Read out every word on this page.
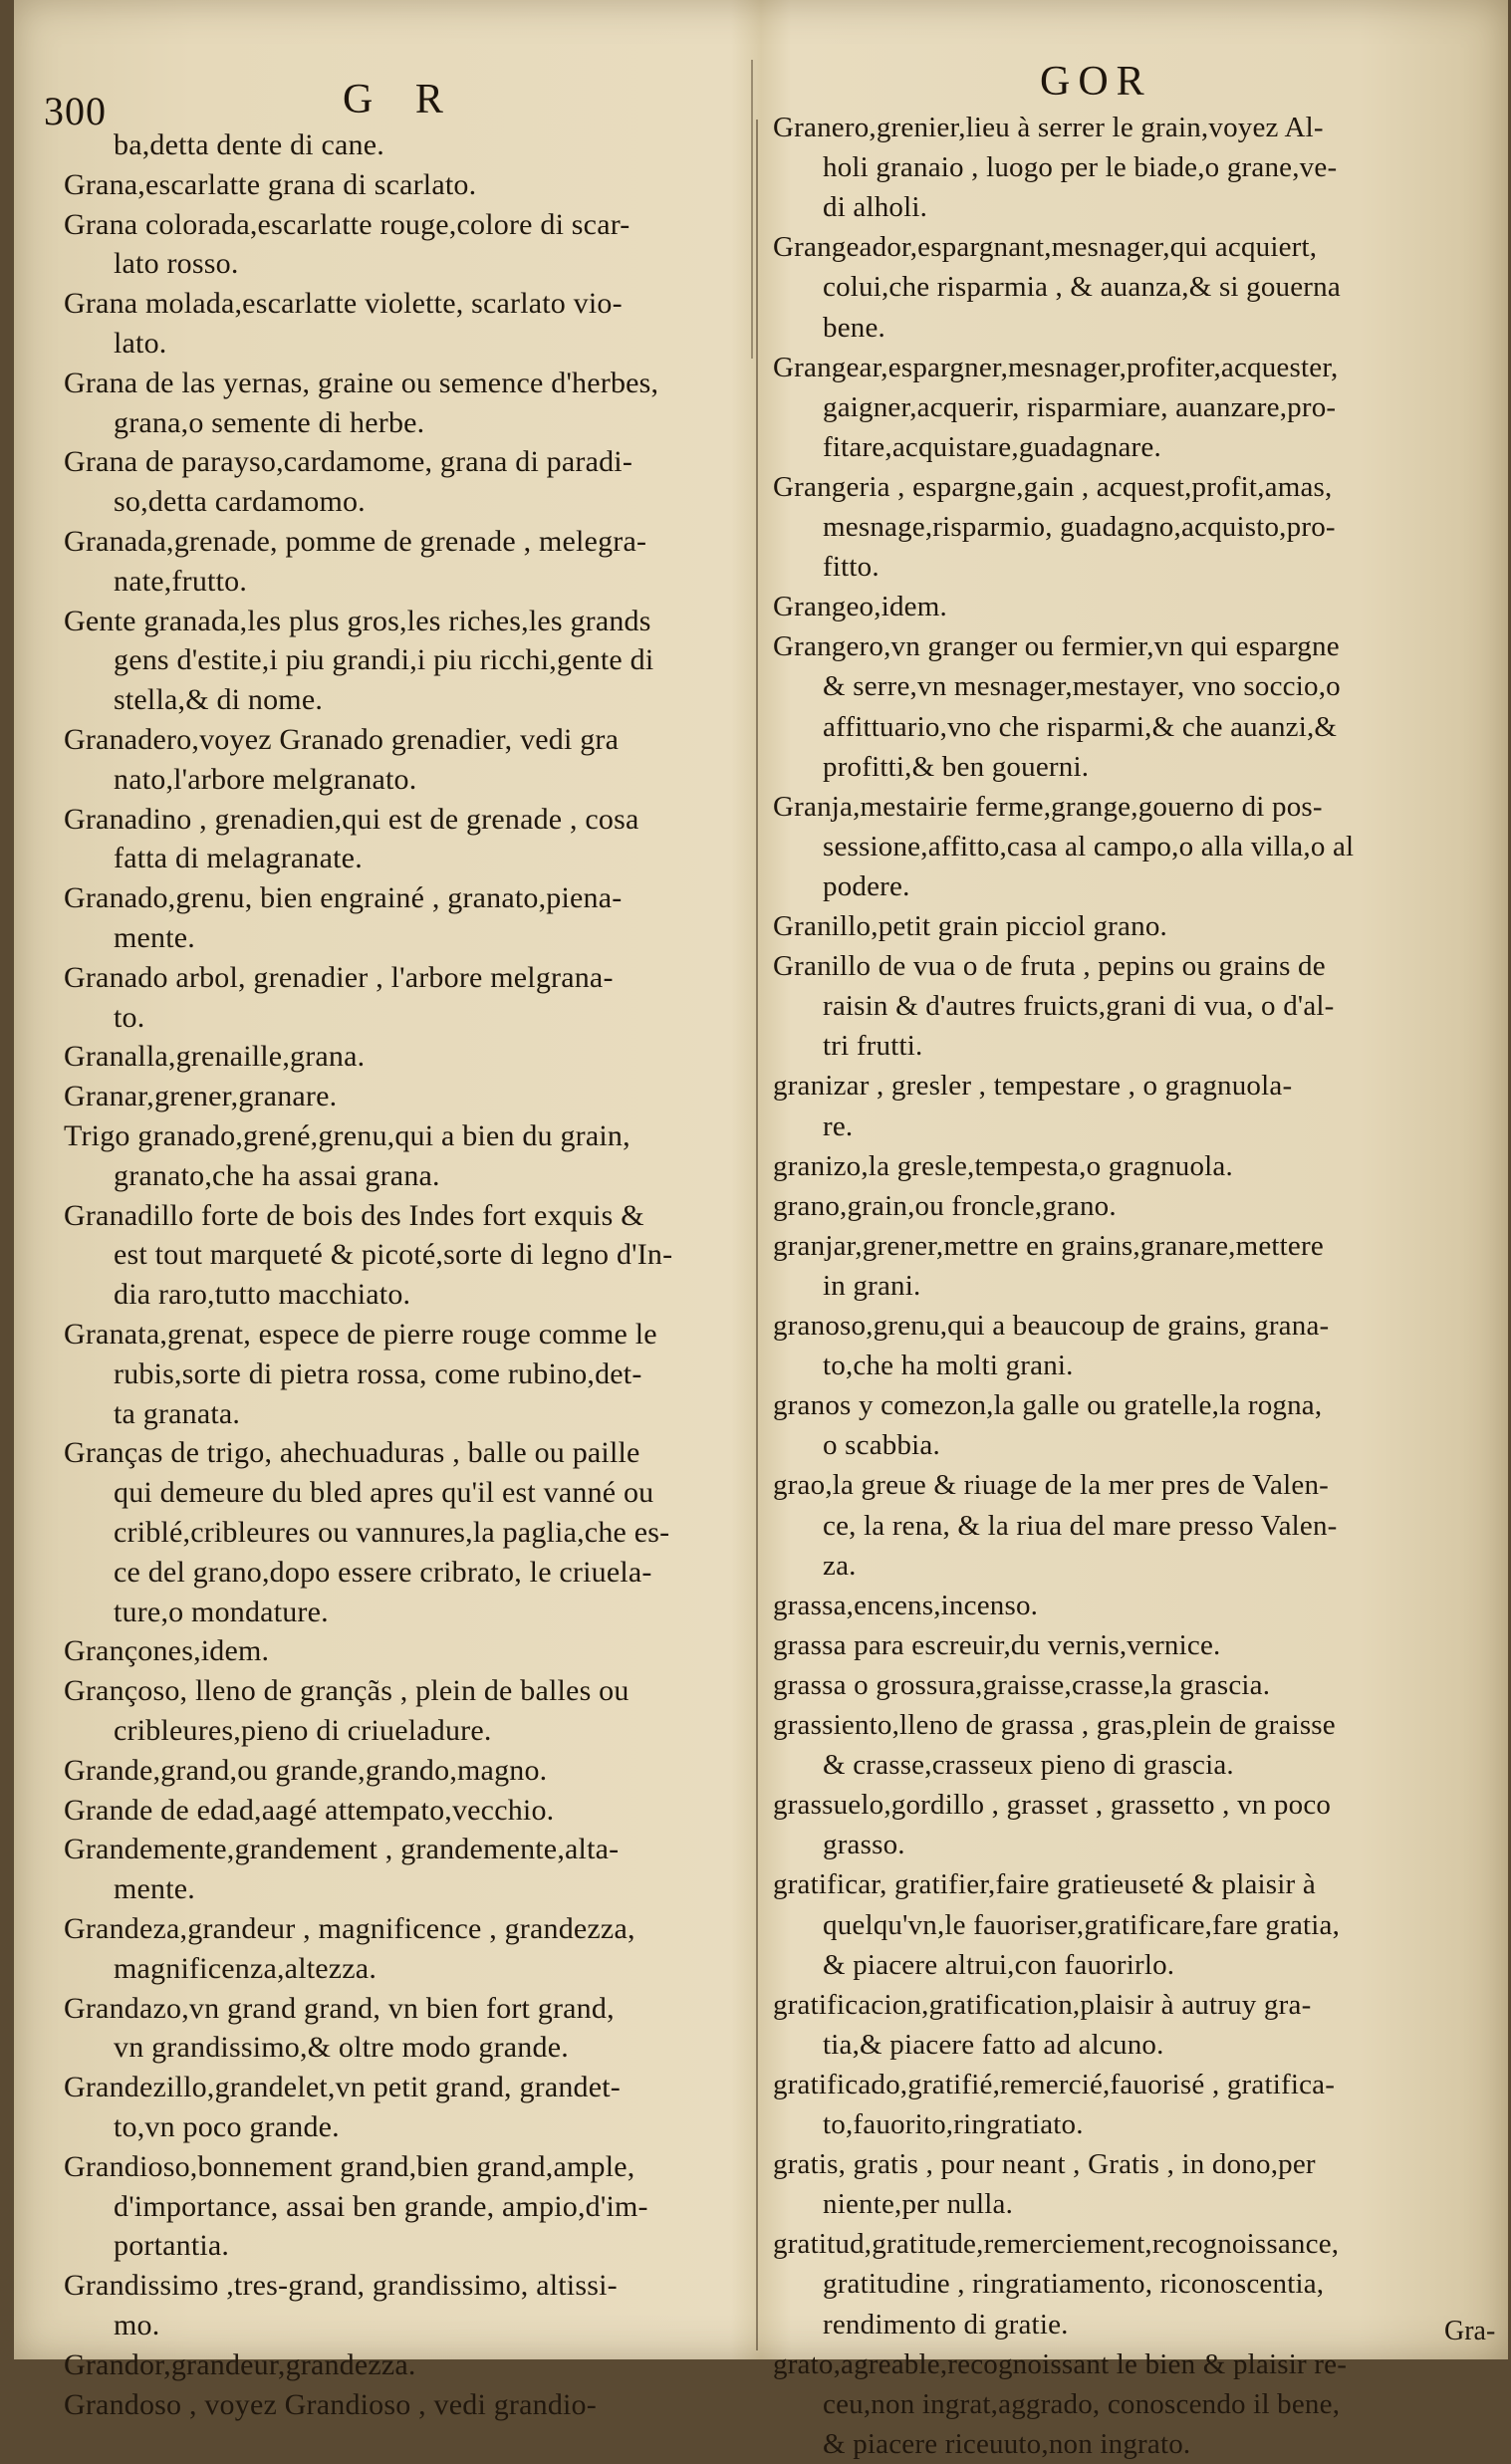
300	G R	GOR
ba,detta dente di cane.
Grana,escarlatte grana di scarlato.
Grana colorada,escarlatte rouge,colore di scar-
lato rosso.
Grana molada,escarlatte violette, scarlato vio-
lato.
Grana de las yernas, graine ou semence d'herbes,
grana,o semente di herbe.
Grana de parayso,cardamome, grana di paradi-
so,detta cardamomo.
Granada,grenade, pomme de grenade , melegra-
nate,frutto.
Gente granada,les plus gros,les riches,les grands
gens d'estite,i piu grandi,i piu ricchi,gente di
stella,& di nome.
Granadero,voyez Granado grenadier, vedi gra
nato,l'arbore melgranato.
Granadino , grenadien,qui est de grenade , cosa
fatta di melagranate.
Granado,grenu, bien engrainé , granato,piena-
mente.
Granado arbol, grenadier , l'arbore melgrana-
to.
Granalla,grenaille,grana.
Granar,grener,granare.
Trigo granado,grené,grenu,qui a bien du grain,
granato,che ha assai grana.
Granadillo forte de bois des Indes fort exquis &
est tout marqueté & picoté,sorte di legno d'In-
dia raro,tutto macchiato.
Granata,grenat, espece de pierre rouge comme le
rubis,sorte di pietra rossa, come rubino,det-
ta granata.
Granças de trigo, ahechuaduras , balle ou paille
qui demeure du bled apres qu'il est vanné ou
criblé,cribleures ou vannures,la paglia,che es-
ce del grano,dopo essere cribrato, le criuela-
ture,o mondature.
Grançones,idem.
Grançoso, lleno de grançãs , plein de balles ou
cribleures,pieno di criueladure.
Grande,grand,ou grande,grando,magno.
Grande de edad,aagé attempato,vecchio.
Grandemente,grandement , grandemente,alta-
mente.
Grandeza,grandeur , magnificence , grandezza,
magnificenza,altezza.
Grandazo,vn grand grand, vn bien fort grand,
vn grandissimo,& oltre modo grande.
Grandezillo,grandelet,vn petit grand, grandet-
to,vn poco grande.
Grandioso,bonnement grand,bien grand,ample,
d'importance, assai ben grande, ampio,d'im-
portantia.
Grandissimo ,tres-grand, grandissimo, altissi-
mo.
Grandor,grandeur,grandezza.
Grandoso , voyez Grandioso , vedi grandio-
Granero,grenier,lieu à serrer le grain,voyez Al-
holi granaio , luogo per le biade,o grane,ve-
di alholi.
Grangeador,espargnant,mesnager,qui acquiert,
colui,che risparmia , & auanza,& si gouerna
bene.
Grangear,espargner,mesnager,profiter,acquester,
gaigner,acquerir, risparmiare, auanzare,pro-
fitare,acquistare,guadagnare.
Grangeria , espargne,gain , acquest,profit,amas,
mesnage,risparmio, guadagno,acquisto,pro-
fitto.
Grangeo,idem.
Grangero,vn granger ou fermier,vn qui espargne
& serre,vn mesnager,mestayer, vno soccio,o
affittuario,vno che risparmi,& che auanzi,&
profitti,& ben gouerni.
Granja,mestairie ferme,grange,gouerno di pos-
sessione,affitto,casa al campo,o alla villa,o al
podere.
Granillo,petit grain picciol grano.
Granillo de vua o de fruta , pepins ou grains de
raisin & d'autres fruicts,grani di vua, o d'al-
tri frutti.
granizar , gresler , tempestare , o gragnuola-
re.
granizo,la gresle,tempesta,o gragnuola.
grano,grain,ou froncle,grano.
granjar,grener,mettre en grains,granare,mettere
in grani.
granoso,grenu,qui a beaucoup de grains, grana-
to,che ha molti grani.
granos y comezon,la galle ou gratelle,la rogna,
o scabbia.
grao,la greue & riuage de la mer pres de Valen-
ce, la rena, & la riua del mare presso Valen-
za.
grassa,encens,incenso.
grassa para escreuir,du vernis,vernice.
grassa o grossura,graisse,crasse,la grascia.
grassiento,lleno de grassa , gras,plein de graisse
& crasse,crasseux pieno di grascia.
grassuelo,gordillo , grasset , grassetto , vn poco
grasso.
gratificar, gratifier,faire gratieuseté & plaisir à
quelqu'vn,le fauoriser,gratificare,fare gratia,
& piacere altrui,con fauorirlo.
gratificacion,gratification,plaisir à autruy gra-
tia,& piacere fatto ad alcuno.
gratificado,gratifié,remercié,fauorisé , gratifica-
to,fauorito,ringratiato.
gratis, gratis , pour neant , Gratis , in dono,per
niente,per nulla.
gratitud,gratitude,remerciement,recognoissance,
gratitudine , ringratiamento, riconoscentia,
rendimento di gratie.
grato,agreable,recognoissant le bien & plaisir re-
ceu,non ingrat,aggrado, conoscendo il bene,
& piacere riceuuto,non ingrato.
Gra-
